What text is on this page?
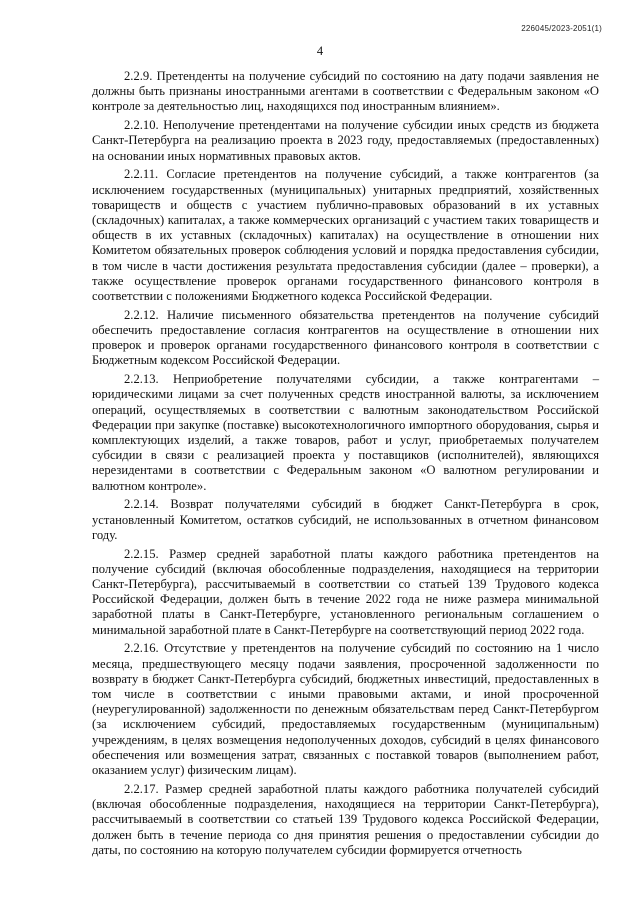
226045/2023-2051(1)
4

2.2.9. Претенденты на получение субсидий по состоянию на дату подачи заявления не должны быть признаны иностранными агентами в соответствии с Федеральным законом «О контроле за деятельностью лиц, находящихся под иностранным влиянием».

2.2.10. Неполучение претендентами на получение субсидии иных средств из бюджета Санкт-Петербурга на реализацию проекта в 2023 году, предоставляемых (предоставленных) на основании иных нормативных правовых актов.

2.2.11. Согласие претендентов на получение субсидий, а также контрагентов (за исключением государственных (муниципальных) унитарных предприятий, хозяйственных товариществ и обществ с участием публично-правовых образований в их уставных (складочных) капиталах, а также коммерческих организаций с участием таких товариществ и обществ в их уставных (складочных) капиталах) на осуществление в отношении них Комитетом обязательных проверок соблюдения условий и порядка предоставления субсидии, в том числе в части достижения результата предоставления субсидии (далее – проверки), а также осуществление проверок органами государственного финансового контроля в соответствии с положениями Бюджетного кодекса Российской Федерации.

2.2.12. Наличие письменного обязательства претендентов на получение субсидий обеспечить предоставление согласия контрагентов на осуществление в отношении них проверок и проверок органами государственного финансового контроля в соответствии с Бюджетным кодексом Российской Федерации.

2.2.13. Неприобретение получателями субсидии, а также контрагентами – юридическими лицами за счет полученных средств иностранной валюты, за исключением операций, осуществляемых в соответствии с валютным законодательством Российской Федерации при закупке (поставке) высокотехнологичного импортного оборудования, сырья и комплектующих изделий, а также товаров, работ и услуг, приобретаемых получателем субсидии в связи с реализацией проекта у поставщиков (исполнителей), являющихся нерезидентами в соответствии с Федеральным законом «О валютном регулировании и валютном контроле».

2.2.14. Возврат получателями субсидий в бюджет Санкт-Петербурга в срок, установленный Комитетом, остатков субсидий, не использованных в отчетном финансовом году.

2.2.15. Размер средней заработной платы каждого работника претендентов на получение субсидий (включая обособленные подразделения, находящиеся на территории Санкт-Петербурга), рассчитываемый в соответствии со статьей 139 Трудового кодекса Российской Федерации, должен быть в течение 2022 года не ниже размера минимальной заработной платы в Санкт-Петербурге, установленного региональным соглашением о минимальной заработной плате в Санкт-Петербурге на соответствующий период 2022 года.

2.2.16. Отсутствие у претендентов на получение субсидий по состоянию на 1 число месяца, предшествующего месяцу подачи заявления, просроченной задолженности по возврату в бюджет Санкт-Петербурга субсидий, бюджетных инвестиций, предоставленных в том числе в соответствии с иными правовыми актами, и иной просроченной (неурегулированной) задолженности по денежным обязательствам перед Санкт-Петербургом (за исключением субсидий, предоставляемых государственным (муниципальным) учреждениям, в целях возмещения недополученных доходов, субсидий в целях финансового обеспечения или возмещения затрат, связанных с поставкой товаров (выполнением работ, оказанием услуг) физическим лицам).

2.2.17. Размер средней заработной платы каждого работника получателей субсидий (включая обособленные подразделения, находящиеся на территории Санкт-Петербурга), рассчитываемый в соответствии со статьей 139 Трудового кодекса Российской Федерации, должен быть в течение периода со дня принятия решения о предоставлении субсидии до даты, по состоянию на которую получателем субсидии формируется отчетность
